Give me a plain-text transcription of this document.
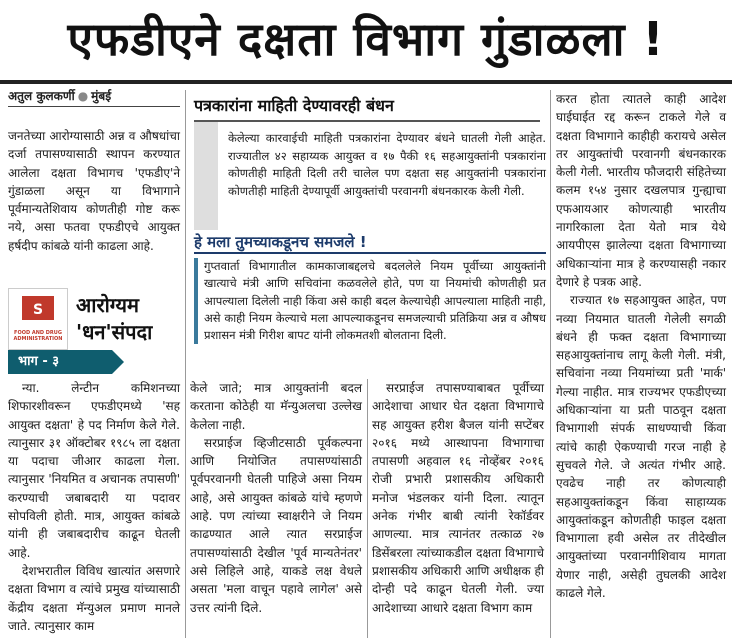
एफडीएने दक्षता विभाग गुंडाळला !
अतुल कुलकर्णी ● मुंबई

जनतेच्या आरोग्यासाठी अन्न व औषधांचा दर्जा तपासण्यासाठी स्थापन करण्यात आलेला दक्षता विभागच 'एफडीए'ने गुंडाळला असून या विभागाने पूर्वमान्यतेशिवाय कोणतीही गोष्ट करू नये, असा फतवा एफडीएचे आयुक्त हर्षदीप कांबळे यांनी काढला आहे.

पत्रकारांना माहिती देण्यावरही बंधन

केलेल्या कारवाईची माहिती पत्रकारांना देण्यावर बंधने घातली गेली आहेत. राज्यातील ४२ सहाय्यक आयुक्त व १७ पैकी १६ सहआयुक्तांनी पत्रकारांना कोणतीही माहिती दिली तरी चालेल पण दक्षता सह आयुक्तांनी पत्रकारांना कोणतीही माहिती देण्यापूर्वी आयुक्तांची परवानगी बंधनकारक केली गेली.

हे मला तुमच्याकडूनच समजले !

गुप्तवार्ता विभागातील कामकाजाबद्दलचे बदललेले नियम पूर्वीच्या आयुक्तांनी खात्याचे मंत्री आणि सचिवांना कळवलेले होते, पण या नियमांची कोणतीही प्रत आपल्याला दिलेली नाही किंवा असे काही बदल केल्याचेही आपल्याला माहिती नाही, असे काही नियम केल्याचे मला आपल्याकडूनच समजल्याची प्रतिक्रिया अन्न व औषध प्रशासन मंत्री गिरीश बापट यांनी लोकमतशी बोलताना दिली.

S
FOOD AND DRUG ADMINISTRATION
आरोग्यम
'धन'संपदा
भाग - ३

न्या. लेन्टीन कमिशनच्या शिफारशीवरून एफडीएमध्ये 'सह आयुक्त दक्षता' हे पद निर्माण केले गेले. त्यानुसार ३१ ऑक्टोबर १९८५ ला दक्षता या पदाचा जीआर काढला गेला. त्यानुसार 'नियमित व अचानक तपासणी' करण्याची जबाबदारी या पदावर सोपविली होती. मात्र, आयुक्त कांबळे यांनी ही जबाबदारीच काढून घेतली आहे.

देशभरातील विविध खात्यांत असणारे दक्षता विभाग व त्यांचे प्रमुख यांच्यासाठी केंद्रीय दक्षता मॅन्युअल प्रमाण मानले जाते. त्यानुसार काम

केले जाते; मात्र आयुक्तांनी बदल करताना कोठेही या मॅन्युअलचा उल्लेख केलेला नाही.

सरप्राईज व्हिजीटसाठी पूर्वकल्पना आणि नियोजित तपासण्यांसाठी पूर्वपरवानगी घेतली पाहिजे असा नियम आहे, असे आयुक्त कांबळे यांचे म्हणणे आहे. पण त्यांच्या स्वाक्षरीने जे नियम काढण्यात आले त्यात सरप्राईज तपासण्यांसाठी देखील 'पूर्व मान्यतेनंतर' असे लिहिले आहे, याकडे लक्ष वेधले असता 'मला वाचून पहावे लागेल' असे उत्तर त्यांनी दिले.

सरप्राईज तपासण्याबाबत पूर्वीच्या आदेशाचा आधार घेत दक्षता विभागाचे सह आयुक्त हरीश बैजल यांनी सप्टेंबर २०१६ मध्ये आस्थापना विभागाचा तपासणी अहवाल १६ नोव्हेंबर २०१६ रोजी प्रभारी प्रशासकीय अधिकारी मनोज भंडलकर यांनी दिला. त्यातून अनेक गंभीर बाबी त्यांनी रेकॉर्डवर आणल्या. मात्र त्यानंतर तत्काळ २७ डिसेंबरला त्यांच्याकडील दक्षता विभागाचे प्रशासकीय अधिकारी आणि अधीक्षक ही दोन्ही पदे काढून घेतली गेली. ज्या आदेशाच्या आधारे दक्षता विभाग काम

करत होता त्यातले काही आदेश घाईघाईत रद्द करून टाकले गेले व दक्षता विभागाने काहीही करायचे असेल तर आयुक्तांची परवानगी बंधनकारक केली गेली. भारतीय फौजदारी संहितेच्या कलम १५४ नुसार दखलपात्र गुन्ह्याचा एफआयआर कोणत्याही भारतीय नागरिकाला देता येतो मात्र येथे आयपीएस झालेल्या दक्षता विभागाच्या अधिकाऱ्यांना मात्र हे करण्यासही नकार देणारे हे पत्रक आहे.

राज्यात १७ सहआयुक्त आहेत, पण नव्या नियमात घातली गेलेली सगळी बंधने ही फक्त दक्षता विभागाच्या सहआयुक्तांनाच लागू केली गेली. मंत्री, सचिवांना नव्या नियमांच्या प्रती 'मार्क' गेल्या नाहीत. मात्र राज्यभर एफडीएच्या अधिकाऱ्यांना या प्रती पाठवून दक्षता विभागाशी संपर्क साधण्याची किंवा त्यांचे काही ऐकण्याची गरज नाही हे सुचवले गेले. जे अत्यंत गंभीर आहे. एवढेच नाही तर कोणत्याही सहआयुक्तांकडून किंवा साहाय्यक आयुक्तांकडून कोणतीही फाइल दक्षता विभागाला हवी असेल तर तीदेखील आयुक्तांच्या परवानगीशिवाय मागता येणार नाही, असेही तुघलकी आदेश काढले गेले.
